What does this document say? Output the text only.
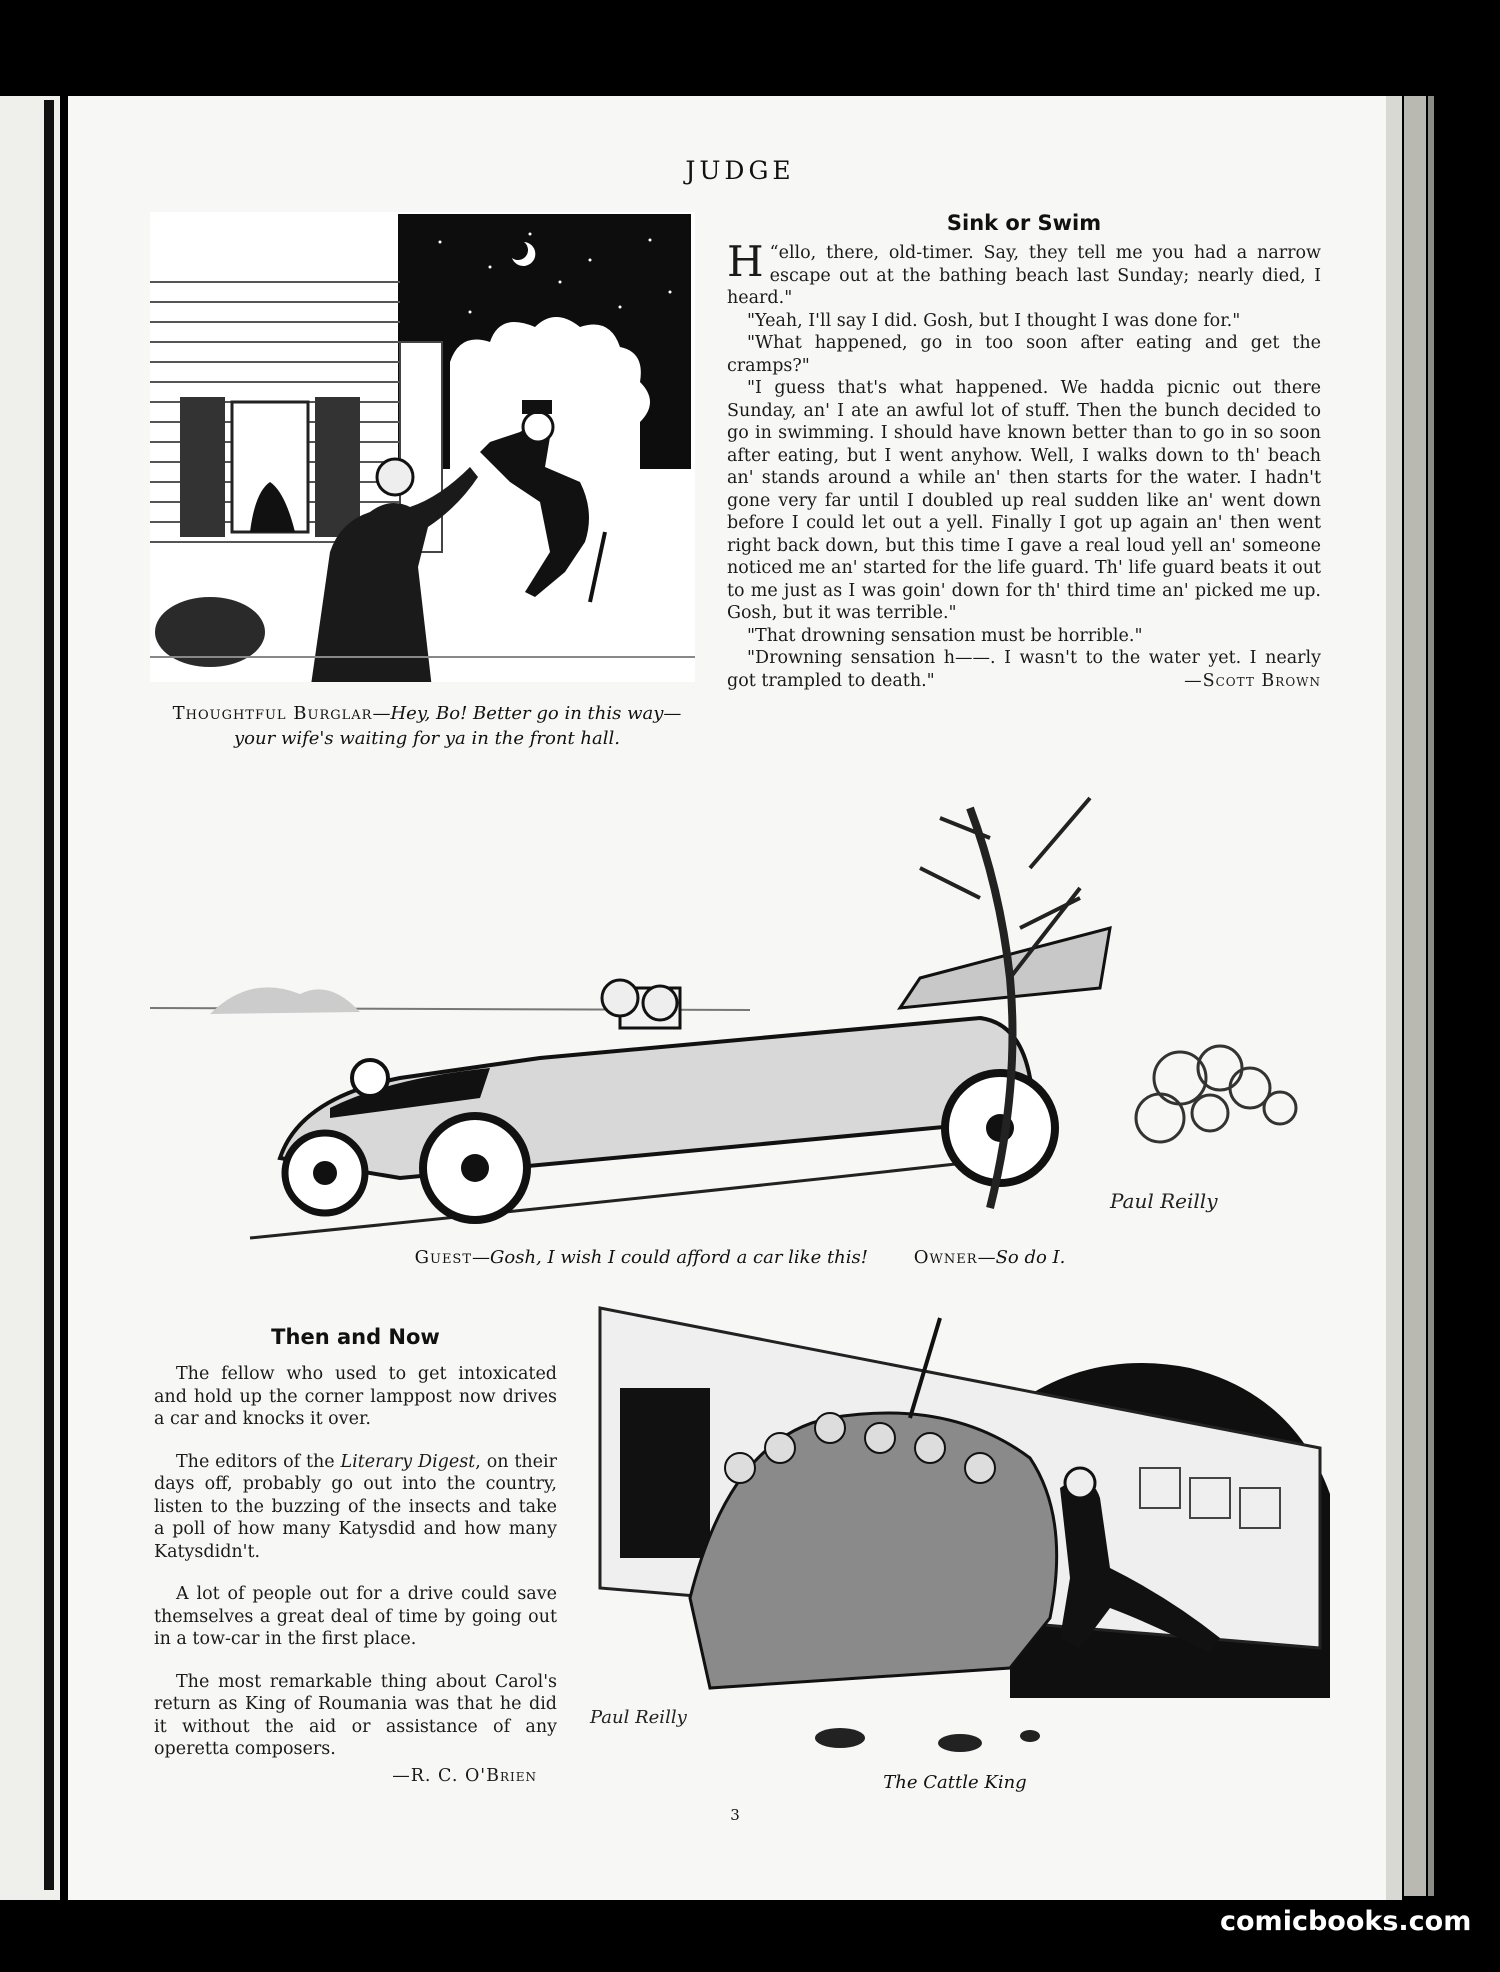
JUDGE
Thoughtful Burglar—Hey, Bo! Better go in this way—your wife's waiting for ya in the front hall.
Sink or Swim

“
H ello, there, old-timer. Say, they tell me you had a narrow escape out at the bathing beach last Sunday; nearly died, I heard."

"Yeah, I'll say I did. Gosh, but I thought I was done for."

"What happened, go in too soon after eating and get the cramps?"

"I guess that's what happened. We hadda picnic out there Sunday, an' I ate an awful lot of stuff. Then the bunch decided to go in swimming. I should have known better than to go in so soon after eating, but I went anyhow. Well, I walks down to th' beach an' stands around a while an' then starts for the water. I hadn't gone very far until I doubled up real sudden like an' went down before I could let out a yell. Finally I got up again an' then went right back down, but this time I gave a real loud yell an' someone noticed me an' started for the life guard. Th' life guard beats it out to me just as I was goin' down for th' third time an' picked me up. Gosh, but it was terrible."

"That drowning sensation must be horrible."

"Drowning sensation h——. I wasn't to the water yet. I nearly got trampled to death."	—Scott Brown

Paul Reilly
Guest—Gosh, I wish I could afford a car like this!	Owner—So do I.
Then and Now

The fellow who used to get intoxicated and hold up the corner lamppost now drives a car and knocks it over.

The editors of the Literary Digest, on their days off, probably go out into the country, listen to the buzzing of the insects and take a poll of how many Katysdid and how many Katysdidn't.

A lot of people out for a drive could save themselves a great deal of time by going out in a tow-car in the first place.

The most remarkable thing about Carol's return as King of Roumania was that he did it without the aid or assistance of any operetta composers.

—R. C. O'Brien
Paul Reilly
The Cattle King
3
comicbooks.com
